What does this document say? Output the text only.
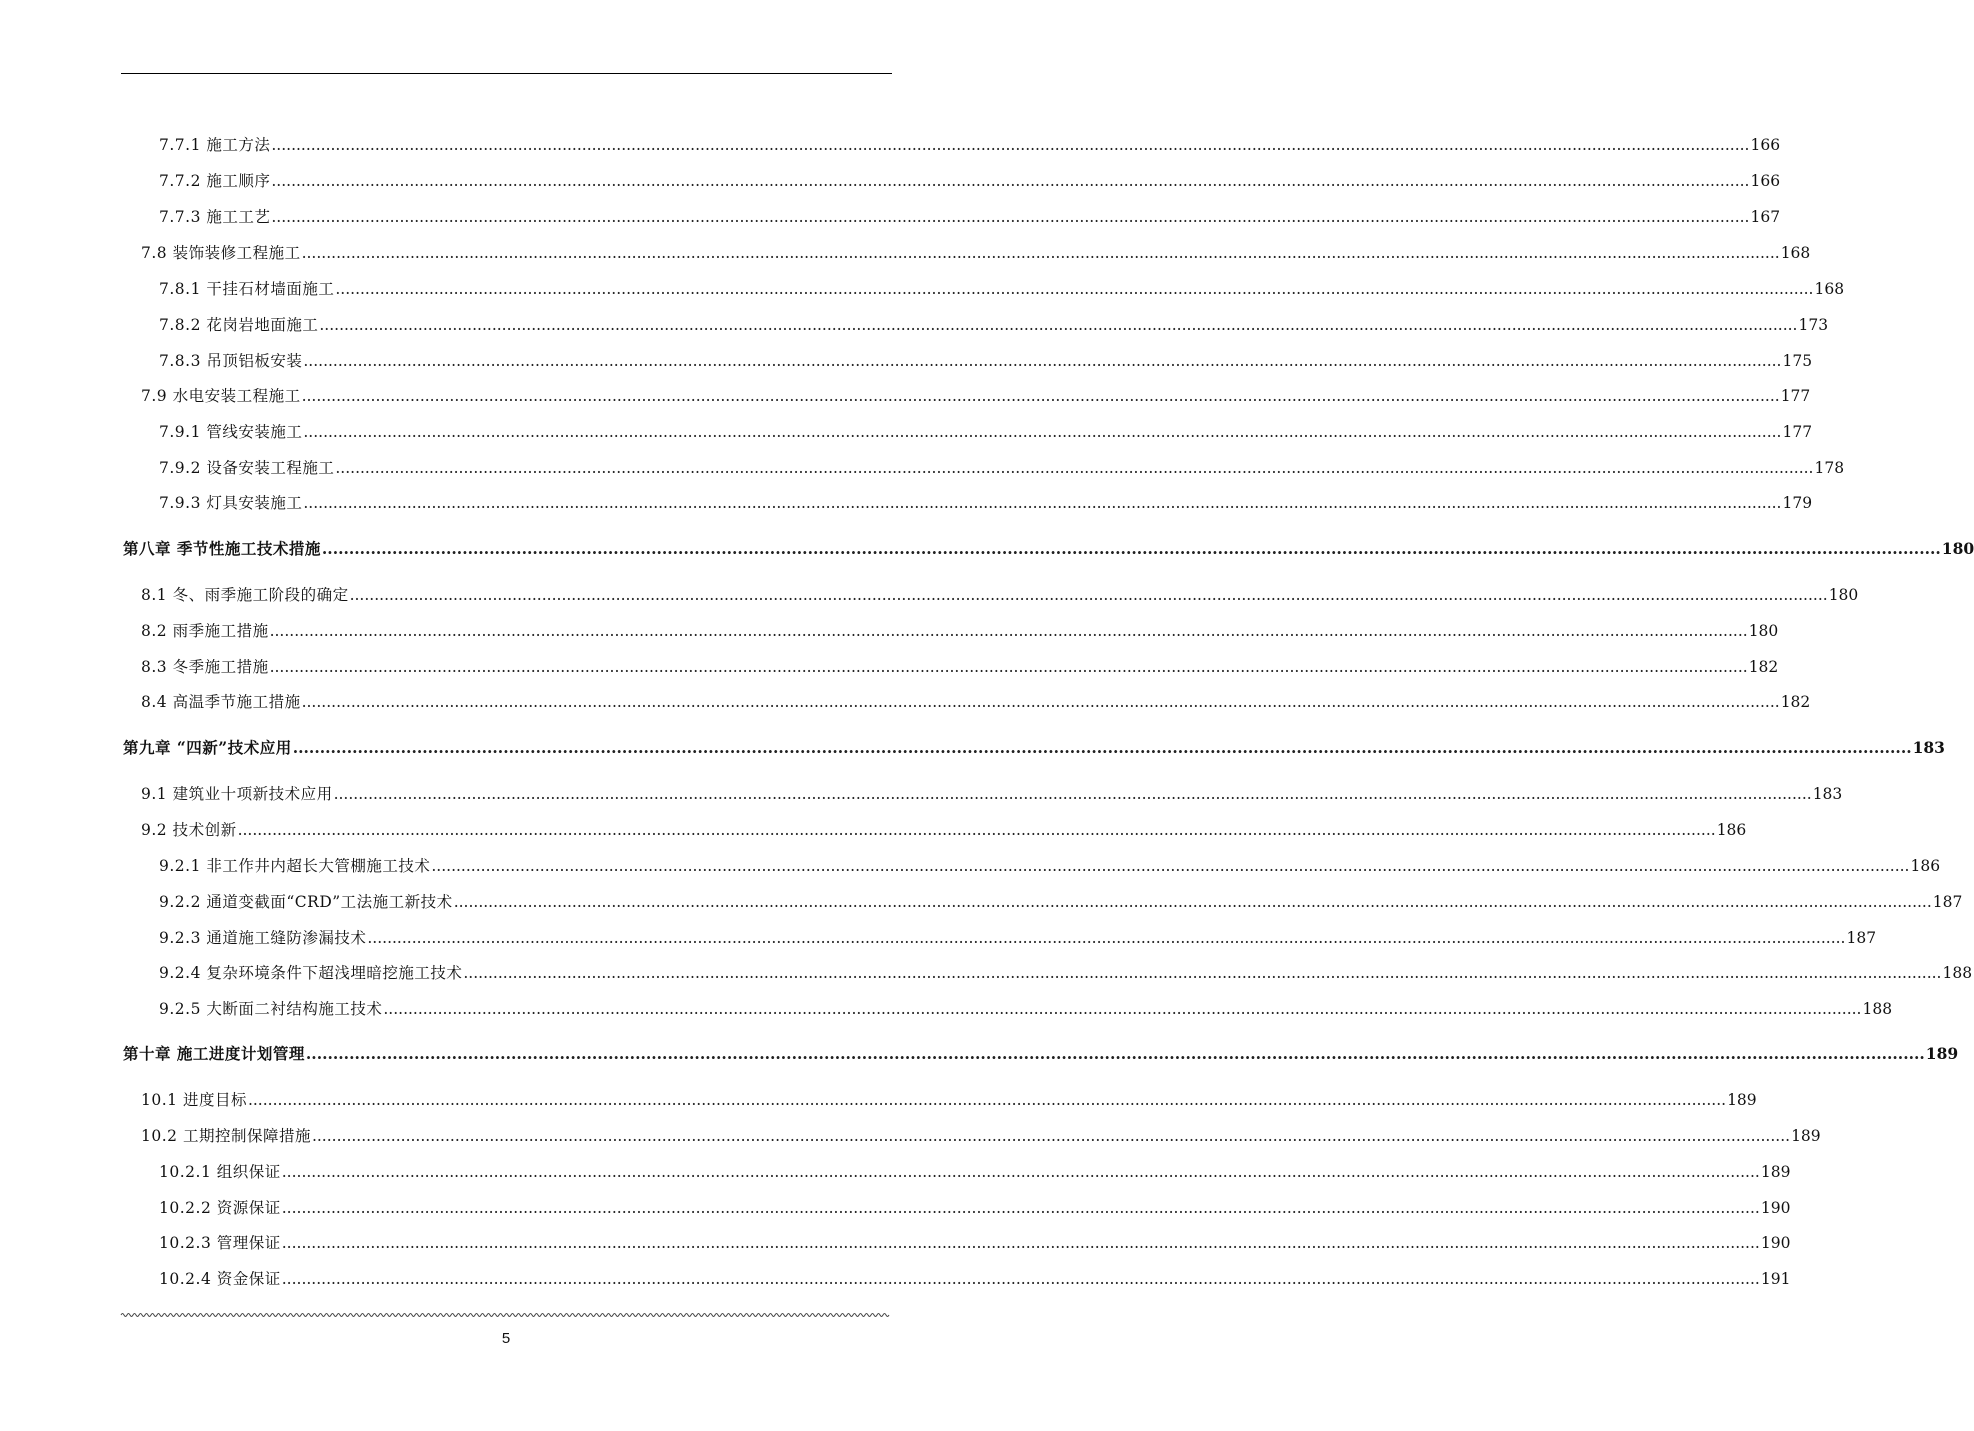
7.7.1 施工方法 ............................................................................................................................................................................................................................................................................................................ 166
7.7.2 施工顺序 ............................................................................................................................................................................................................................................................................................................ 166
7.7.3 施工工艺 ............................................................................................................................................................................................................................................................................................................ 167
7.8 装饰装修工程施工 ............................................................................................................................................................................................................................................................................................................ 168
7.8.1 干挂石材墙面施工 ............................................................................................................................................................................................................................................................................................................ 168
7.8.2 花岗岩地面施工 ............................................................................................................................................................................................................................................................................................................ 173
7.8.3 吊顶铝板安装 ............................................................................................................................................................................................................................................................................................................ 175
7.9 水电安装工程施工 ............................................................................................................................................................................................................................................................................................................ 177
7.9.1 管线安装施工 ............................................................................................................................................................................................................................................................................................................ 177
7.9.2 设备安装工程施工 ............................................................................................................................................................................................................................................................................................................ 178
7.9.3 灯具安装施工 ............................................................................................................................................................................................................................................................................................................ 179
第八章 季节性施工技术措施 ............................................................................................................................................................................................................................................................................................................ 180
8.1 冬、雨季施工阶段的确定 ............................................................................................................................................................................................................................................................................................................ 180
8.2 雨季施工措施 ............................................................................................................................................................................................................................................................................................................ 180
8.3 冬季施工措施 ............................................................................................................................................................................................................................................................................................................ 182
8.4 高温季节施工措施 ............................................................................................................................................................................................................................................................................................................ 182
第九章 “四新”技术应用 ............................................................................................................................................................................................................................................................................................................ 183
9.1 建筑业十项新技术应用 ............................................................................................................................................................................................................................................................................................................ 183
9.2 技术创新 ............................................................................................................................................................................................................................................................................................................ 186
9.2.1 非工作井内超长大管棚施工技术 ............................................................................................................................................................................................................................................................................................................ 186
9.2.2 通道变截面“CRD”工法施工新技术 ............................................................................................................................................................................................................................................................................................................ 187
9.2.3 通道施工缝防渗漏技术 ............................................................................................................................................................................................................................................................................................................ 187
9.2.4 复杂环境条件下超浅埋暗挖施工技术 ............................................................................................................................................................................................................................................................................................................ 188
9.2.5 大断面二衬结构施工技术 ............................................................................................................................................................................................................................................................................................................ 188
第十章 施工进度计划管理 ............................................................................................................................................................................................................................................................................................................ 189
10.1 进度目标 ............................................................................................................................................................................................................................................................................................................ 189
10.2 工期控制保障措施 ............................................................................................................................................................................................................................................................................................................ 189
10.2.1 组织保证 ............................................................................................................................................................................................................................................................................................................ 189
10.2.2 资源保证 ............................................................................................................................................................................................................................................................................................................ 190
10.2.3 管理保证 ............................................................................................................................................................................................................................................................................................................ 190
10.2.4 资金保证 ............................................................................................................................................................................................................................................................................................................ 191
5
